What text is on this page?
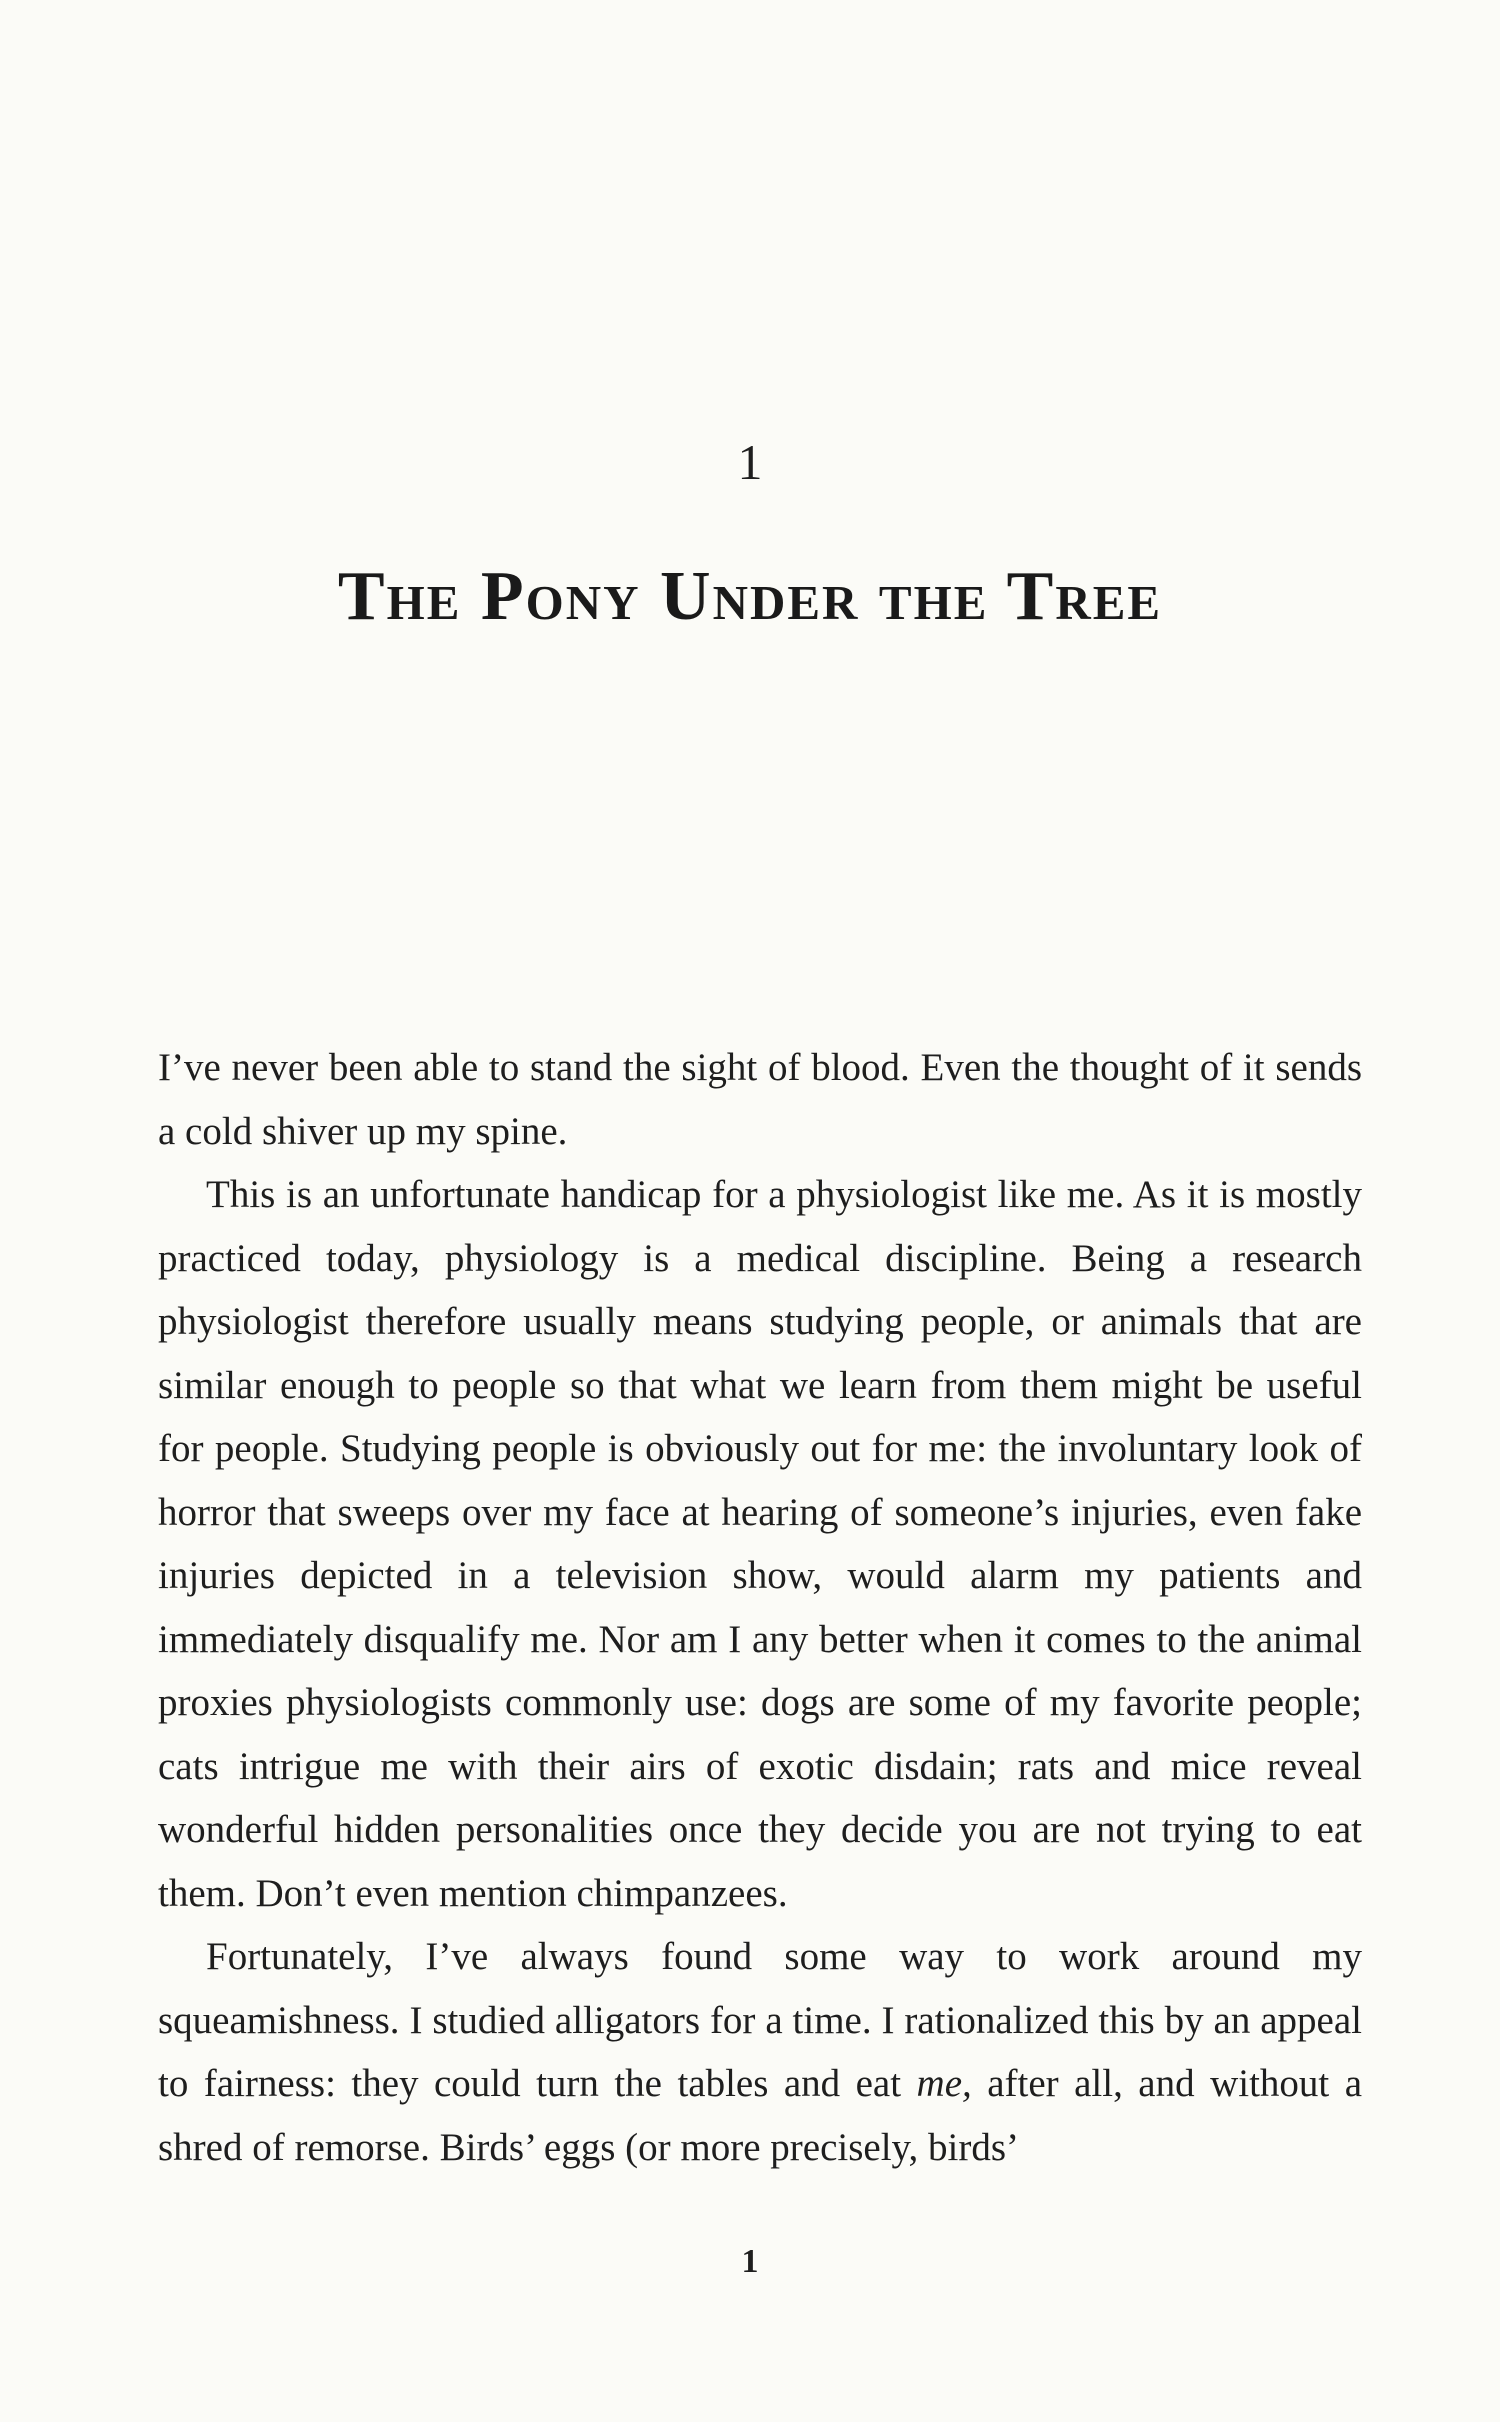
1
The Pony Under the Tree

I’ve never been able to stand the sight of blood. Even the thought of it sends a cold shiver up my spine.

This is an unfortunate handicap for a physiologist like me. As it is mostly practiced today, physiology is a medical discipline. Being a research physiologist therefore usually means studying people, or animals that are similar enough to people so that what we learn from them might be useful for people. Studying people is obviously out for me: the involuntary look of horror that sweeps over my face at hearing of someone’s injuries, even fake injuries depicted in a television show, would alarm my patients and immediately disqualify me. Nor am I any better when it comes to the animal proxies physiologists commonly use: dogs are some of my favorite people; cats intrigue me with their airs of exotic disdain; rats and mice reveal wonderful hidden personalities once they decide you are not trying to eat them. Don’t even mention chimpanzees.

Fortunately, I’ve always found some way to work around my squeamishness. I studied alligators for a time. I rationalized this by an appeal to fairness: they could turn the tables and eat me, after all, and without a shred of remorse. Birds’ eggs (or more precisely, birds’

1
